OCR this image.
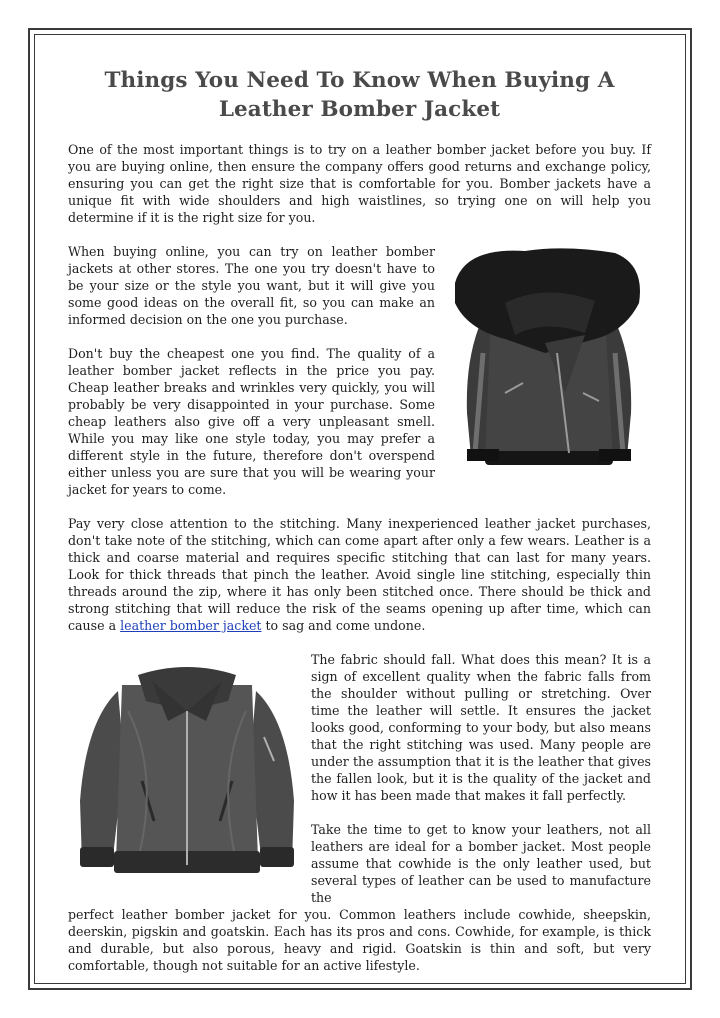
Things You Need To Know When Buying A Leather Bomber Jacket

One of the most important things is to try on a leather bomber jacket before you buy. If you are buying online, then ensure the company offers good returns and exchange policy, ensuring you can get the right size that is comfortable for you. Bomber jackets have a unique fit with wide shoulders and high waistlines, so trying one on will help you determine if it is the right size for you.

When buying online, you can try on leather bomber jackets at other stores. The one you try doesn't have to be your size or the style you want, but it will give you some good ideas on the overall fit, so you can make an informed decision on the one you purchase.

Don't buy the cheapest one you find. The quality of a leather bomber jacket reflects in the price you pay. Cheap leather breaks and wrinkles very quickly, you will probably be very disappointed in your purchase. Some cheap leathers also give off a very unpleasant smell. While you may like one style today, you may prefer a different style in the future, therefore don't overspend either unless you are sure that you will be wearing your jacket for years to come.

Pay very close attention to the stitching. Many inexperienced leather jacket purchases, don't take note of the stitching, which can come apart after only a few wears. Leather is a thick and coarse material and requires specific stitching that can last for many years. Look for thick threads that pinch the leather. Avoid single line stitching, especially thin threads around the zip, where it has only been stitched once. There should be thick and strong stitching that will reduce the risk of the seams opening up after time, which can cause a leather bomber jacket to sag and come undone.

The fabric should fall. What does this mean? It is a sign of excellent quality when the fabric falls from the shoulder without pulling or stretching. Over time the leather will settle. It ensures the jacket looks good, conforming to your body, but also means that the right stitching was used. Many people are under the assumption that it is the leather that gives the fallen look, but it is the quality of the jacket and how it has been made that makes it fall perfectly.

Take the time to get to know your leathers, not all leathers are ideal for a bomber jacket. Most people assume that cowhide is the only leather used, but several types of leather can be used to manufacture the

perfect leather bomber jacket for you. Common leathers include cowhide, sheepskin, deerskin, pigskin and goatskin. Each has its pros and cons. Cowhide, for example, is thick and durable, but also porous, heavy and rigid. Goatskin is thin and soft, but very comfortable, though not suitable for an active lifestyle.
